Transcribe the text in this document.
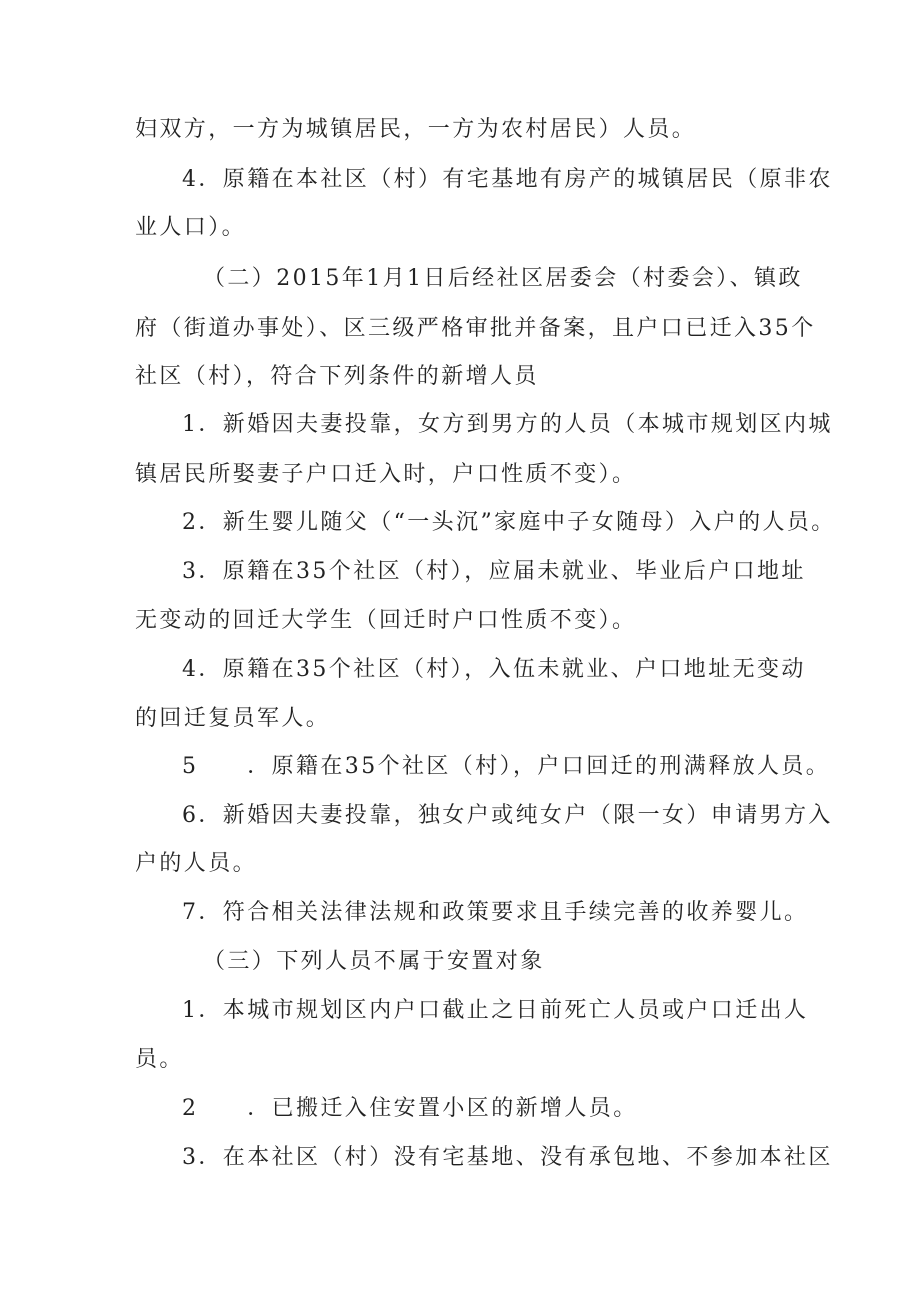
妇双方，一方为城镇居民，一方为农村居民）人员。
4．原籍在本社区（村）有宅基地有房产的城镇居民（原非农
业人口）。
（二）2015年1月1日后经社区居委会（村委会）、镇政
府（街道办事处）、区三级严格审批并备案，且户口已迁入35个
社区（村），符合下列条件的新增人员
1．新婚因夫妻投靠，女方到男方的人员（本城市规划区内城
镇居民所娶妻子户口迁入时，户口性质不变）。
2．新生婴儿随父（“一头沉”家庭中子女随母）入户的人员。
3．原籍在35个社区（村），应届未就业、毕业后户口地址
无变动的回迁大学生（回迁时户口性质不变）。
4．原籍在35个社区（村），入伍未就业、户口地址无变动
的回迁复员军人。
5　　．原籍在35个社区（村），户口回迁的刑满释放人员。
6．新婚因夫妻投靠，独女户或纯女户（限一女）申请男方入
户的人员。
7．符合相关法律法规和政策要求且手续完善的收养婴儿。
（三）下列人员不属于安置对象
1．本城市规划区内户口截止之日前死亡人员或户口迁出人
员。
2　　．已搬迁入住安置小区的新增人员。
3．在本社区（村）没有宅基地、没有承包地、不参加本社区
